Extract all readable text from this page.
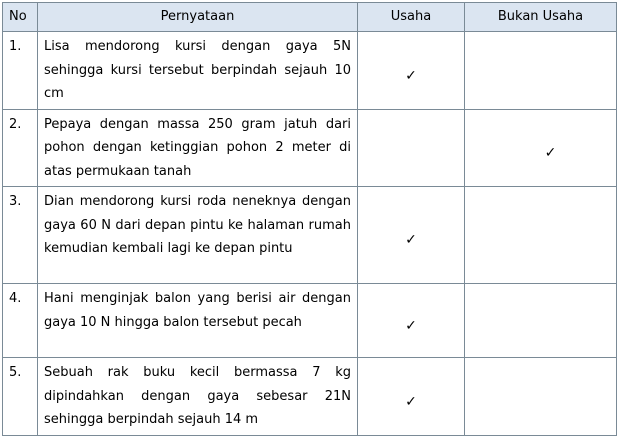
No	Pernyataan	Usaha	Bukan Usaha
1.	Lisa mendorong kursi dengan gaya 5N sehingga kursi tersebut berpindah sejauh 10 cm	✓	
2.	Pepaya dengan massa 250 gram jatuh dari pohon dengan ketinggian pohon 2 meter di atas permukaan tanah		✓
3.	Dian mendorong kursi roda neneknya dengan gaya 60 N dari depan pintu ke halaman rumah kemudian kembali lagi ke depan pintu	✓	
4.	Hani menginjak balon yang berisi air dengan gaya 10 N hingga balon tersebut pecah	✓	
5.	Sebuah rak buku kecil bermassa 7 kg dipindahkan dengan gaya sebesar 21N sehingga berpindah sejauh 14 m	✓	
